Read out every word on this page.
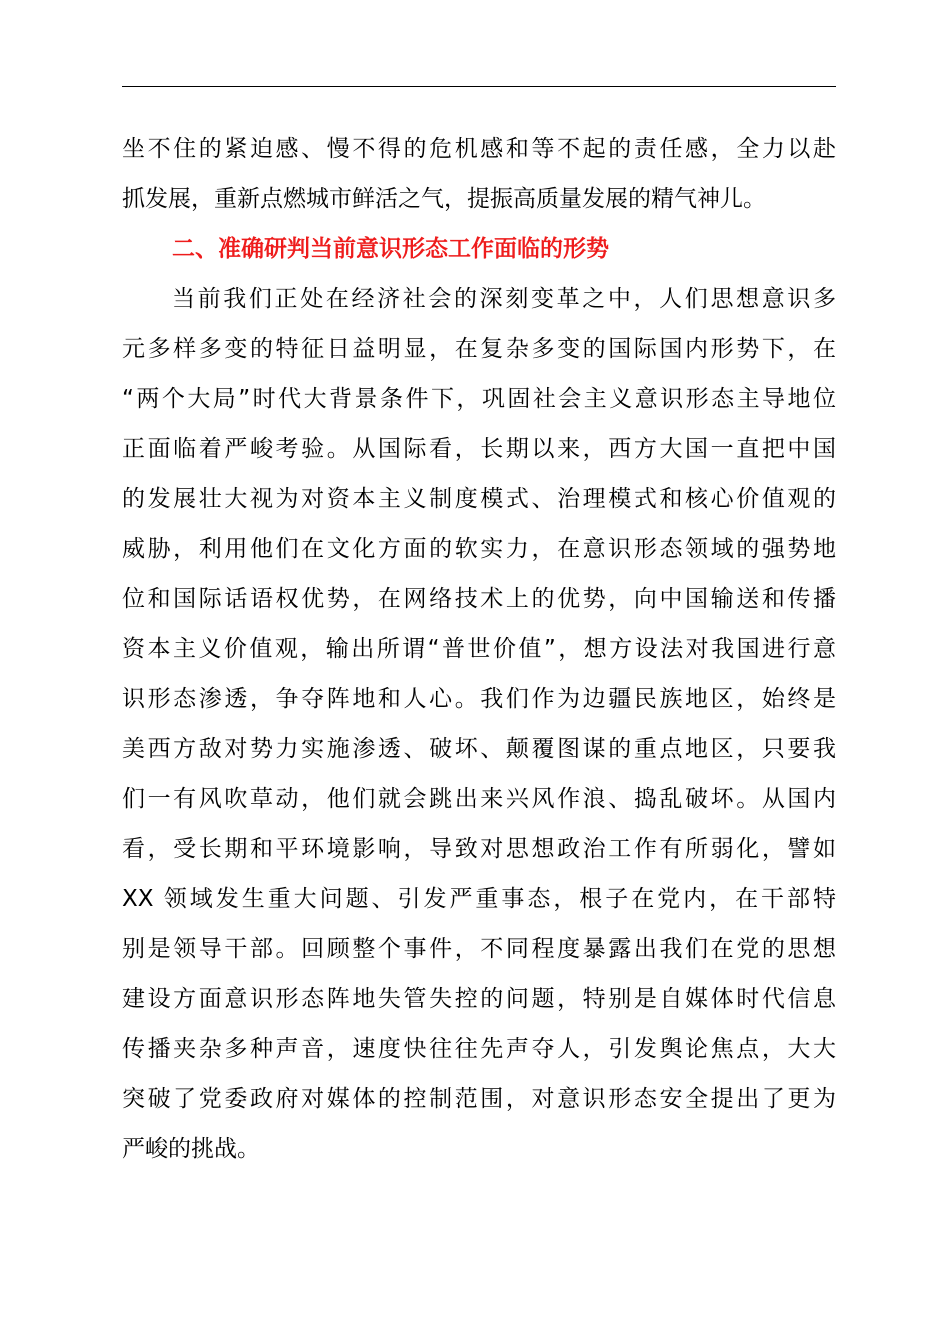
坐不住的紧迫感、慢不得的危机感和等不起的责任感，全力以赴
抓发展，重新点燃城市鲜活之气，提振高质量发展的精气神儿。
二、准确研判当前意识形态工作面临的形势
当前我们正处在经济社会的深刻变革之中，人们思想意识多
元多样多变的特征日益明显，在复杂多变的国际国内形势下，在
“两个大局”时代大背景条件下，巩固社会主义意识形态主导地位
正面临着严峻考验。从国际看，长期以来，西方大国一直把中国
的发展壮大视为对资本主义制度模式、治理模式和核心价值观的
威胁，利用他们在文化方面的软实力，在意识形态领域的强势地
位和国际话语权优势，在网络技术上的优势，向中国输送和传播
资本主义价值观，输出所谓“普世价值”，想方设法对我国进行意
识形态渗透，争夺阵地和人心。我们作为边疆民族地区，始终是
美西方敌对势力实施渗透、破坏、颠覆图谋的重点地区，只要我
们一有风吹草动，他们就会跳出来兴风作浪、捣乱破坏。从国内
看，受长期和平环境影响，导致对思想政治工作有所弱化，譬如
XX 领域发生重大问题、引发严重事态，根子在党内，在干部特
别是领导干部。回顾整个事件，不同程度暴露出我们在党的思想
建设方面意识形态阵地失管失控的问题，特别是自媒体时代信息
传播夹杂多种声音，速度快往往先声夺人，引发舆论焦点，大大
突破了党委政府对媒体的控制范围，对意识形态安全提出了更为
严峻的挑战。
